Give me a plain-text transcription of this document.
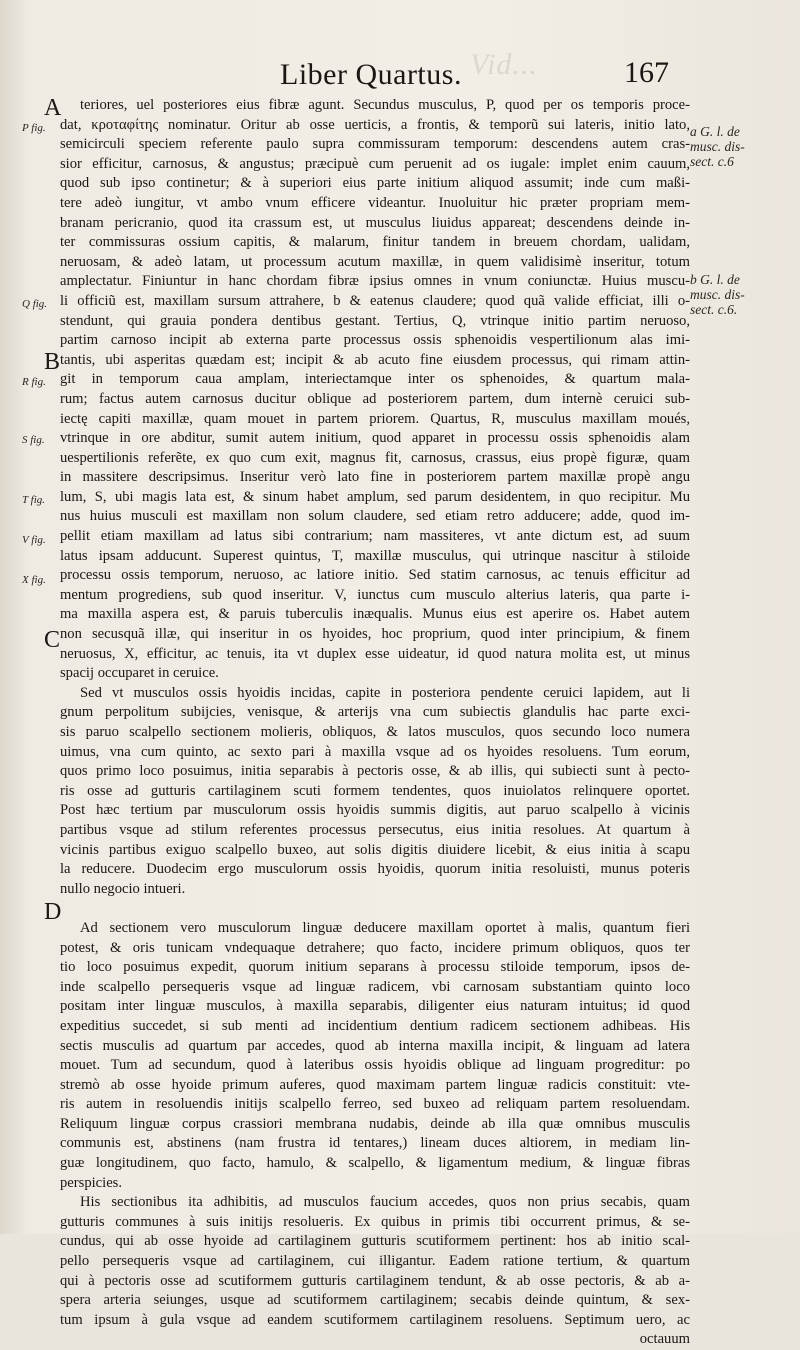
Vid...
Liber Quartus.	167
A
B
C
D
P fig.
Q fig.
R fig.
S fig.
T fig.
V fig.
X fig.
a G. l. de
musc. dis-
sect. c.6
b G. l. de
musc. dis-
sect. c.6.
teriores, uel posteriores eius fibræ agunt. Secundus musculus, P, quod per os temporis proce-
dat, κροταφίτης nominatur. Oritur ab osse uerticis, a frontis, & temporũ sui lateris, initio lato,
semicirculi speciem referente paulo supra commissuram temporum: descendens autem cras-
sior efficitur, carnosus, & angustus; præcipuè cum peruenit ad os iugale: implet enim cauum,
quod sub ipso continetur; & à superiori eius parte initium aliquod assumit; inde cum maßi-
tere adeò iungitur, vt ambo vnum efficere videantur. Inuoluitur hic præter propriam mem-
branam pericranio, quod ita crassum est, ut musculus liuidus appareat; descendens deinde in-
ter commissuras ossium capitis, & malarum, finitur tandem in breuem chordam, ualidam,
neruosam, & adeò latam, ut processum acutum maxillæ, in quem validisimè inseritur, totum
amplectatur. Finiuntur in hanc chordam fibræ ipsius omnes in vnum coniunctæ. Huius muscu-
li officiũ est, maxillam sursum attrahere, b & eatenus claudere; quod quã valide efficiat, illi o-
stendunt, qui grauia pondera dentibus gestant. Tertius, Q, vtrinque initio partim neruoso,
partim carnoso incipit ab externa parte processus ossis sphenoidis vespertilionum alas imi-
tantis, ubi asperitas quædam est; incipit & ab acuto fine eiusdem processus, qui rimam attin-
git in temporum caua amplam, interiectamque inter os sphenoides, & quartum mala-
rum; factus autem carnosus ducitur oblique ad posteriorem partem, dum internè ceruici sub-
iectę capiti maxillæ, quam mouet in partem priorem. Quartus, R, musculus maxillam moués,
vtrinque in ore abditur, sumit autem initium, quod apparet in processu ossis sphenoidis alam
uespertilionis referẽte, ex quo cum exit, magnus fit, carnosus, crassus, eius propè figuræ, quam
in massitere descripsimus. Inseritur verò lato fine in posteriorem partem maxillæ propè angu
lum, S, ubi magis lata est, & sinum habet amplum, sed parum desidentem, in quo recipitur. Mu
nus huius musculi est maxillam non solum claudere, sed etiam retro adducere; adde, quod im-
pellit etiam maxillam ad latus sibi contrarium; nam massiteres, vt ante dictum est, ad suum
latus ipsam adducunt. Superest quintus, T, maxillæ musculus, qui utrinque nascitur à stiloide
processu ossis temporum, neruoso, ac latiore initio. Sed statim carnosus, ac tenuis efficitur ad
mentum progrediens, sub quod inseritur. V, iunctus cum musculo alterius lateris, qua parte i-
ma maxilla aspera est, & paruis tuberculis inæqualis. Munus eius est aperire os. Habet autem
non secusquã illæ, qui inseritur in os hyoides, hoc proprium, quod inter principium, & finem
neruosus, X, efficitur, ac tenuis, ita vt duplex esse uideatur, id quod natura molita est, ut minus
spacij occuparet in ceruice.
Sed vt musculos ossis hyoidis incidas, capite in posteriora pendente ceruici lapidem, aut li
gnum perpolitum subijcies, venisque, & arterijs vna cum subiectis glandulis hac parte exci-
sis paruo scalpello sectionem molieris, obliquos, & latos musculos, quos secundo loco numera
uimus, vna cum quinto, ac sexto pari à maxilla vsque ad os hyoides resoluens. Tum eorum,
quos primo loco posuimus, initia separabis à pectoris osse, & ab illis, qui subiecti sunt à pecto-
ris osse ad gutturis cartilaginem scuti formem tendentes, quos inuiolatos relinquere oportet.
Post hæc tertium par musculorum ossis hyoidis summis digitis, aut paruo scalpello à vicinis
partibus vsque ad stilum referentes processus persecutus, eius initia resolues. At quartum à
vicinis partibus exiguo scalpello buxeo, aut solis digitis diuidere licebit, & eius initia à scapu
la reducere. Duodecim ergo musculorum ossis hyoidis, quorum initia resoluisti, munus poteris
nullo negocio intueri.
Ad sectionem vero musculorum linguæ deducere maxillam oportet à malis, quantum fieri
potest, & oris tunicam vndequaque detrahere; quo facto, incidere primum obliquos, quos ter
tio loco posuimus expedit, quorum initium separans à processu stiloide temporum, ipsos de-
inde scalpello persequeris vsque ad linguæ radicem, vbi carnosam substantiam quinto loco
positam inter linguæ musculos, à maxilla separabis, diligenter eius naturam intuitus; id quod
expeditius succedet, si sub menti ad incidentium dentium radicem sectionem adhibeas. His
sectis musculis ad quartum par accedes, quod ab interna maxilla incipit, & linguam ad latera
mouet. Tum ad secundum, quod à lateribus ossis hyoidis oblique ad linguam progreditur: po
stremò ab osse hyoide primum auferes, quod maximam partem linguæ radicis constituit: vte-
ris autem in resoluendis initijs scalpello ferreo, sed buxeo ad reliquam partem resoluendam.
Reliquum linguæ corpus crassiori membrana nudabis, deinde ab illa quæ omnibus musculis
communis est, abstinens (nam frustra id tentares,) lineam duces altiorem, in mediam lin-
guæ longitudinem, quo facto, hamulo, & scalpello, & ligamentum medium, & linguæ fibras
perspicies.
His sectionibus ita adhibitis, ad musculos faucium accedes, quos non prius secabis, quam
gutturis communes à suis initijs resolueris. Ex quibus in primis tibi occurrent primus, & se-
cundus, qui ab osse hyoide ad cartilaginem gutturis scutiformem pertinent: hos ab initio scal-
pello persequeris vsque ad cartilaginem, cui illigantur. Eadem ratione tertium, & quartum
qui à pectoris osse ad scutiformem gutturis cartilaginem tendunt, & ab osse pectoris, & ab a-
spera arteria seiunges, usque ad scutiformem cartilaginem; secabis deinde quintum, & sex-
tum ipsum à gula vsque ad eandem scutiformem cartilaginem resoluens. Septimum uero, ac
octauum
